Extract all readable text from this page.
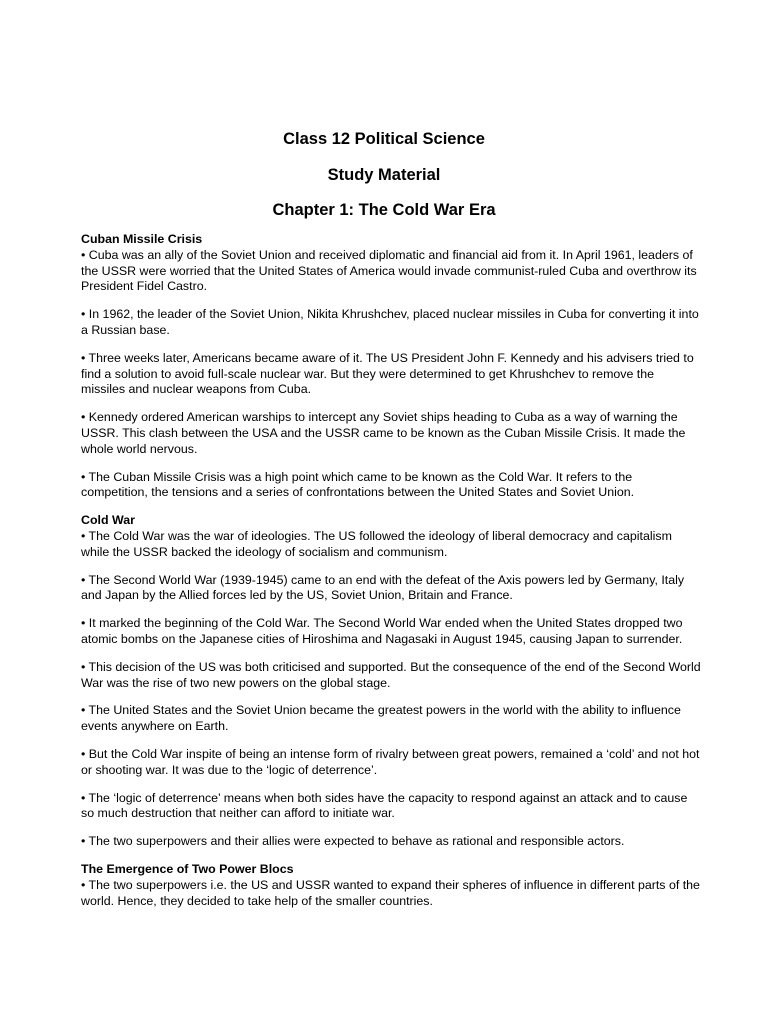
Class 12 Political Science
Study Material
Chapter 1: The Cold War Era
Cuban Missile Crisis

• Cuba was an ally of the Soviet Union and received diplomatic and financial aid from it. In April 1961, leaders of the USSR were worried that the United States of America would invade communist-ruled Cuba and overthrow its President Fidel Castro.

• In 1962, the leader of the Soviet Union, Nikita Khrushchev, placed nuclear missiles in Cuba for converting it into a Russian base.

• Three weeks later, Americans became aware of it. The US President John F. Kennedy and his advisers tried to find a solution to avoid full-scale nuclear war. But they were determined to get Khrushchev to remove the missiles and nuclear weapons from Cuba.

• Kennedy ordered American warships to intercept any Soviet ships heading to Cuba as a way of warning the USSR. This clash between the USA and the USSR came to be known as the Cuban Missile Crisis. It made the whole world nervous.

• The Cuban Missile Crisis was a high point which came to be known as the Cold War. It refers to the competition, the tensions and a series of confrontations between the United States and Soviet Union.

Cold War

• The Cold War was the war of ideologies. The US followed the ideology of liberal democracy and capitalism while the USSR backed the ideology of socialism and communism.

• The Second World War (1939-1945) came to an end with the defeat of the Axis powers led by Germany, Italy and Japan by the Allied forces led by the US, Soviet Union, Britain and France.

• It marked the beginning of the Cold War. The Second World War ended when the United States dropped two atomic bombs on the Japanese cities of Hiroshima and Nagasaki in August 1945, causing Japan to surrender.

• This decision of the US was both criticised and supported. But the consequence of the end of the Second World War was the rise of two new powers on the global stage.

• The United States and the Soviet Union became the greatest powers in the world with the ability to influence events anywhere on Earth.

• But the Cold War inspite of being an intense form of rivalry between great powers, remained a ‘cold’ and not hot or shooting war. It was due to the ‘logic of deterrence’.

• The ‘logic of deterrence’ means when both sides have the capacity to respond against an attack and to cause so much destruction that neither can afford to initiate war.

• The two superpowers and their allies were expected to behave as rational and responsible actors.

The Emergence of Two Power Blocs

• The two superpowers i.e. the US and USSR wanted to expand their spheres of influence in different parts of the world. Hence, they decided to take help of the smaller countries.
